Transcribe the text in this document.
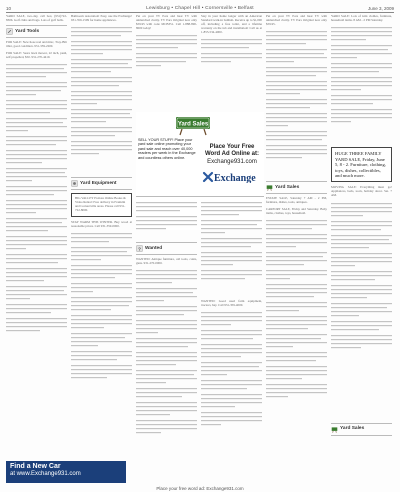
10	Lewisburg • Chapel Hill • Cornersville • Belfast	June 3, 2009

YARD SALE, two-day, call box, (931)722-8306. Golf clubs and bags. Lots of golf balls.

Yard Tools

FOR SALE: New hose reel and misc, Troy-Bilt tiller, good condition. 931-359-2200.

FOR SALE: Sears lawn mower, 22 inch, push, self propelled, $50. 931-270-4419.

Bathroom restoration! Easy, use the Exchange! 931-359-1599 for home appliances.

Yard Equipment

BIG VALLEY Probate Online Books & Video Rental: Free delivery in Franklin and Cornersville areas. Please call 931-722-8000.

STAY WARM THIS WINTER. Buy wood at reasonable prices. Call 931-359-0000.

Put on your TV Ears and hear TV with unmatched clarity. TV Ears Original now only $59.95 with code MCB351. Call 1-888-890-8000 today!

Stay in your home longer with an American Standard walk-in bathtub. Receive up to $1,000 off, including a free toilet, and a lifetime warranty on the tub and installation! Call us at 1-855-534-4000.

Yard Sales
SELL YOUR STUFF! Place your yard sale online promoting your yard sale and reach over 40,000 readers per week in the Exchange and countless others online.
Place Your Free
Word Ad Online at:
Exchange931.com
Exchange
? Wanted

WANTED: Antique furniture, old tools, coins, guns. 931-270-0000.

WANTED: Good used farm equipment, tractors, hay. Call 931-359-4000.

Put on your TV Ears and hear TV with unmatched clarity. TV Ears Original now only $59.95.

Yard Sales

ESTATE SALE, Saturday 7 AM - 2 PM, furniture, dishes, tools, antiques.

CARPORT SALE, Friday and Saturday. Baby items, clothes, toys, household.

YARD SALE: Lots of kids clothes, furniture, household items. 8 AM - 2 PM Saturday.

HUGE THREE FAMILY YARD SALE, Friday, June 5, 8 - 2. Furniture, clothing, toys, dishes, collectibles, and much more.

MOVING SALE: Everything must go! Appliances, beds, tools, holiday decor. Sat. 7 AM.

Yard Sales
Find a New Car
at www.Exchange931.com
Place your free word ad: Exchange931.com
